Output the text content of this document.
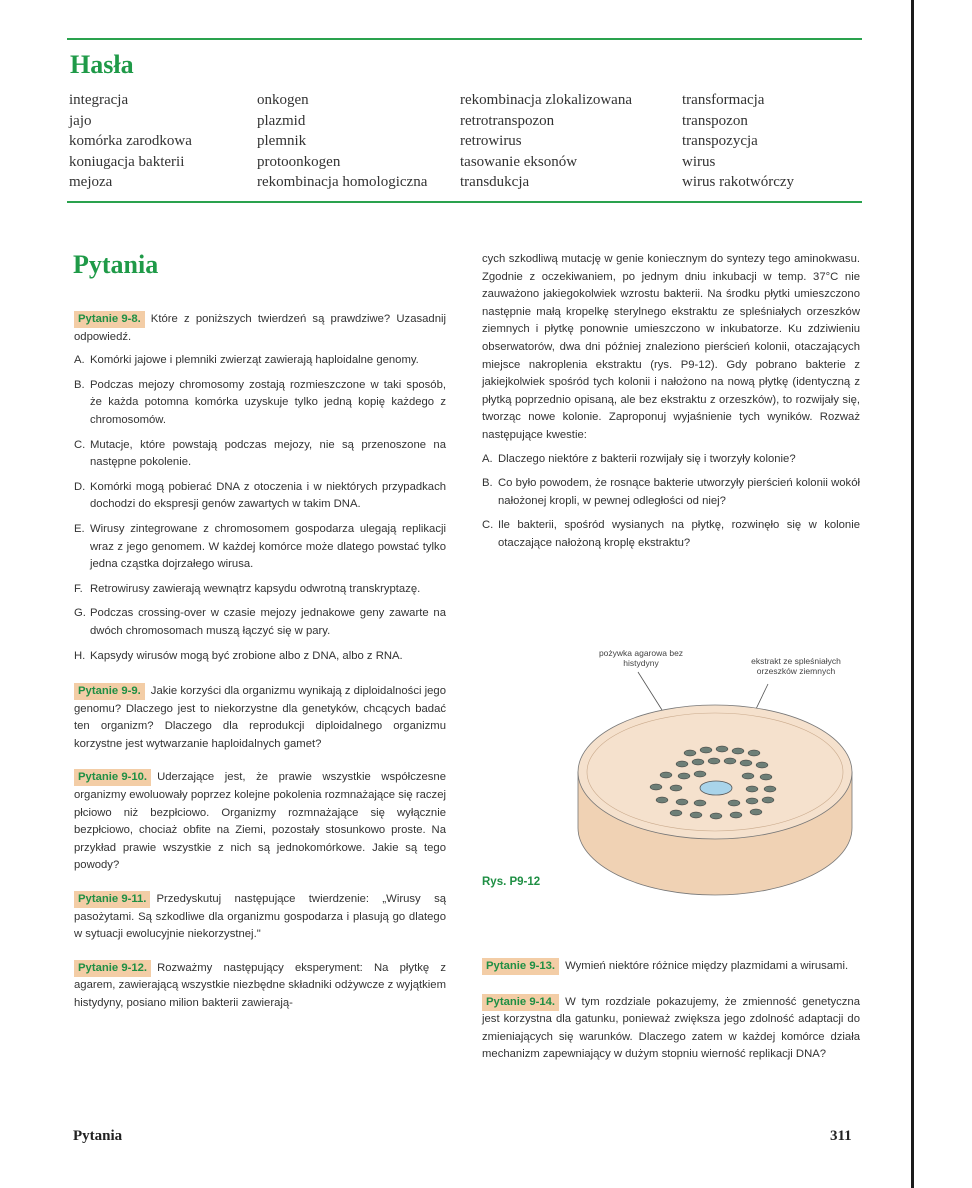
Hasła
integracja
jajo
komórka zarodkowa
koniugacja bakterii
mejoza
onkogen
plazmid
plemnik
protoonkogen
rekombinacja homologiczna
rekombinacja zlokalizowana
retrotranspozon
retrowirus
tasowanie eksonów
transdukcja
transformacja
transpozon
transpozycja
wirus
wirus rakotwórczy
Pytania

Pytanie 9-8. Które z poniższych twierdzeń są prawdziwe? Uzasadnij odpowiedź.

A. Komórki jajowe i plemniki zwierząt zawierają haploidalne genomy.
B. Podczas mejozy chromosomy zostają rozmieszczone w taki sposób, że każda potomna komórka uzyskuje tylko jedną kopię każdego z chromosomów.
C. Mutacje, które powstają podczas mejozy, nie są przenoszone na następne pokolenie.
D. Komórki mogą pobierać DNA z otoczenia i w niektórych przypadkach dochodzi do ekspresji genów zawartych w takim DNA.
E. Wirusy zintegrowane z chromosomem gospodarza ulegają replikacji wraz z jego genomem. W każdej komórce może dlatego powstać tylko jedna cząstka dojrzałego wirusa.
F. Retrowirusy zawierają wewnątrz kapsydu odwrotną transkryptazę.
G. Podczas crossing-over w czasie mejozy jednakowe geny zawarte na dwóch chromosomach muszą łączyć się w pary.
H. Kapsydy wirusów mogą być zrobione albo z DNA, albo z RNA.

Pytanie 9-9. Jakie korzyści dla organizmu wynikają z diploidalności jego genomu? Dlaczego jest to niekorzystne dla genetyków, chcących badać ten organizm? Dlaczego dla reprodukcji diploidalnego organizmu korzystne jest wytwarzanie haploidalnych gamet?

Pytanie 9-10. Uderzające jest, że prawie wszystkie współczesne organizmy ewoluowały poprzez kolejne pokolenia rozmnażające się raczej płciowo niż bezpłciowo. Organizmy rozmnażające się wyłącznie bezpłciowo, chociaż obfite na Ziemi, pozostały stosunkowo proste. Na przykład prawie wszystkie z nich są jednokomórkowe. Jakie są tego powody?

Pytanie 9-11. Przedyskutuj następujące twierdzenie: „Wirusy są pasożytami. Są szkodliwe dla organizmu gospodarza i plasują go dlatego w sytuacji ewolucyjnie niekorzystnej."

Pytanie 9-12. Rozważmy następujący eksperyment: Na płytkę z agarem, zawierającą wszystkie niezbędne składniki odżywcze z wyjątkiem histydyny, posiano milion bakterii zawierają-

cych szkodliwą mutację w genie koniecznym do syntezy tego aminokwasu. Zgodnie z oczekiwaniem, po jednym dniu inkubacji w temp. 37°C nie zauważono jakiegokolwiek wzrostu bakterii. Na środku płytki umieszczono następnie małą kropelkę sterylnego ekstraktu ze spleśniałych orzeszków ziemnych i płytkę ponownie umieszczono w inkubatorze. Ku zdziwieniu obserwatorów, dwa dni później znaleziono pierścień kolonii, otaczających miejsce nakroplenia ekstraktu (rys. P9-12). Gdy pobrano bakterie z jakiejkolwiek spośród tych kolonii i nałożono na nową płytkę (identyczną z płytką poprzednio opisaną, ale bez ekstraktu z orzeszków), to rozwijały się, tworząc nowe kolonie. Zaproponuj wyjaśnienie tych wyników. Rozważ następujące kwestie:

A. Dlaczego niektóre z bakterii rozwijały się i tworzyły kolonie?
B. Co było powodem, że rosnące bakterie utworzyły pierścień kolonii wokół nałożonej kropli, w pewnej odległości od niej?
C. Ile bakterii, spośród wysianych na płytkę, rozwinęło się w kolonie otaczające nałożoną kroplę ekstraktu?
pożywka agarowa bez histydyny	ekstrakt ze spleśniałych orzeszków ziemnych
Rys. P9-12

Pytanie 9-13. Wymień niektóre różnice między plazmidami a wirusami.

Pytanie 9-14. W tym rozdziale pokazujemy, że zmienność genetyczna jest korzystna dla gatunku, ponieważ zwiększa jego zdolność adaptacji do zmieniających się warunków. Dlaczego zatem w każdej komórce działa mechanizm zapewniający w dużym stopniu wierność replikacji DNA?

Pytania	311
